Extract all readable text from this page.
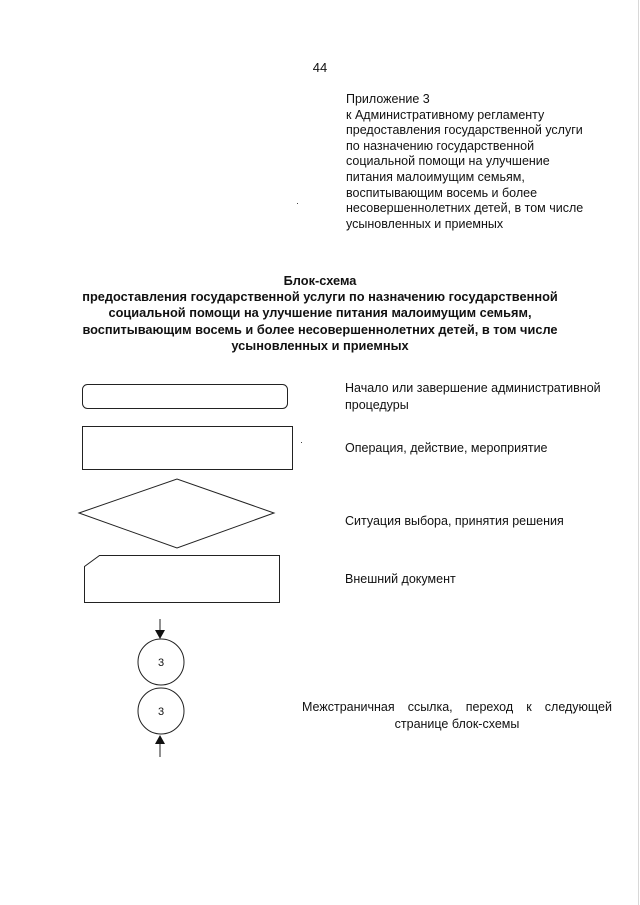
44
Приложение 3
к Административному регламенту
предоставления государственной услуги
по назначению государственной
социальной помощи на улучшение
питания малоимущим семьям,
воспитывающим восемь и более
несовершеннолетних детей, в том числе
усыновленных и приемных
Блок-схема
предоставления государственной услуги по назначению государственной
социальной помощи на улучшение питания малоимущим семьям,
воспитывающим восемь и более несовершеннолетних детей, в том числе
усыновленных и приемных
3
3
Начало или завершение административной
процедуры
Операция, действие, мероприятие
Ситуация выбора, принятия решения
Внешний документ
Межстраничная ссылка, переход к следующей
странице блок-схемы
